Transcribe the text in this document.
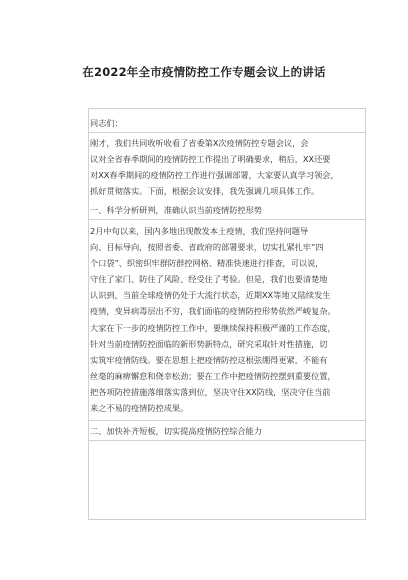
在2022年全市疫情防控工作专题会议上的讲话
同志们：
刚才，我们共同收听收看了省委第X次疫情防控专题会议，会
议对全省春季期间的疫情防控工作提出了明确要求，稍后，XX还要
对XX春季期间的疫情防控工作进行强调部署，大家要认真学习领会，
抓好贯彻落实。下面，根据会议安排，我先强调几项具体工作。
一、科学分析研判，准确认识当前疫情防控形势
2月中旬以来，国内多地出现散发本土疫情，我们坚持问题导
向、目标导向，按照省委、省政府的部署要求，切实扎紧扎牢“四
个口袋”、织密织牢群防群控网格、精准快速进行排查，可以说，
守住了家门、防住了风险、经受住了考验。但是，我们也要清楚地
认识到，当前全球疫情仍处于大流行状态，近期XX等地又陆续发生
疫情，变异病毒层出不穷，我们面临的疫情防控形势依然严峻复杂。
大家在下一步的疫情防控工作中，要继续保持积极严谨的工作态度，
针对当前疫情防控面临的新形势新特点，研究采取针对性措施，切
实筑牢疫情防线。要在思想上把疫情防控这根弦绷得更紧，不能有
丝毫的麻痹懈怠和侥幸松劲；要在工作中把疫情防控摆到重要位置，
把各项防控措施落细落实落到位，坚决守住XX防线，坚决守住当前
来之不易的疫情防控成果。
二、加快补齐短板，切实提高疫情防控综合能力
